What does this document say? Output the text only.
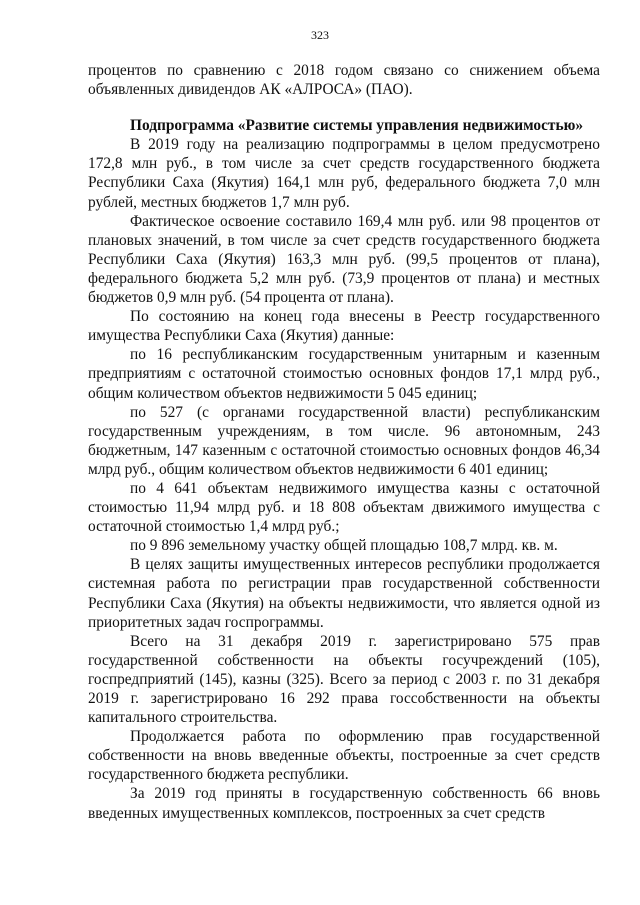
323

процентов по сравнению с 2018 годом связано со снижением объема объявленных дивидендов АК «АЛРОСА» (ПАО).

Подпрограмма «Развитие системы управления недвижимостью»

В 2019 году на реализацию подпрограммы в целом предусмотрено 172,8 млн руб., в том числе за счет средств государственного бюджета Республики Саха (Якутия) 164,1 млн руб, федерального бюджета 7,0 млн рублей, местных бюджетов 1,7 млн руб.

Фактическое освоение составило 169,4 млн руб. или 98 процентов от плановых значений, в том числе за счет средств государственного бюджета Республики Саха (Якутия) 163,3 млн руб. (99,5 процентов от плана), федерального бюджета 5,2 млн руб. (73,9 процентов от плана) и местных бюджетов 0,9 млн руб. (54 процента от плана).

По состоянию на конец года внесены в Реестр государственного имущества Республики Саха (Якутия) данные:

по 16 республиканским государственным унитарным и казенным предприятиям с остаточной стоимостью основных фондов 17,1 млрд руб., общим количеством объектов недвижимости 5 045 единиц;

по 527 (с органами государственной власти) республиканским государственным учреждениям, в том числе. 96 автономным, 243 бюджетным, 147 казенным с остаточной стоимостью основных фондов 46,34 млрд руб., общим количеством объектов недвижимости 6 401 единиц;

по 4 641 объектам недвижимого имущества казны с остаточной стоимостью 11,94 млрд руб. и 18 808 объектам движимого имущества с остаточной стоимостью 1,4 млрд руб.;

по 9 896 земельному участку общей площадью 108,7 млрд. кв. м.

В целях защиты имущественных интересов республики продолжается системная работа по регистрации прав государственной собственности Республики Саха (Якутия) на объекты недвижимости, что является одной из приоритетных задач госпрограммы.

Всего на 31 декабря 2019 г. зарегистрировано 575 прав государственной собственности на объекты госучреждений (105), госпредприятий (145), казны (325). Всего за период с 2003 г. по 31 декабря 2019 г. зарегистрировано 16 292 права госсобственности на объекты капитального строительства.

Продолжается работа по оформлению прав государственной собственности на вновь введенные объекты, построенные за счет средств государственного бюджета республики.

За 2019 год приняты в государственную собственность 66 вновь введенных имущественных комплексов, построенных за счет средств
